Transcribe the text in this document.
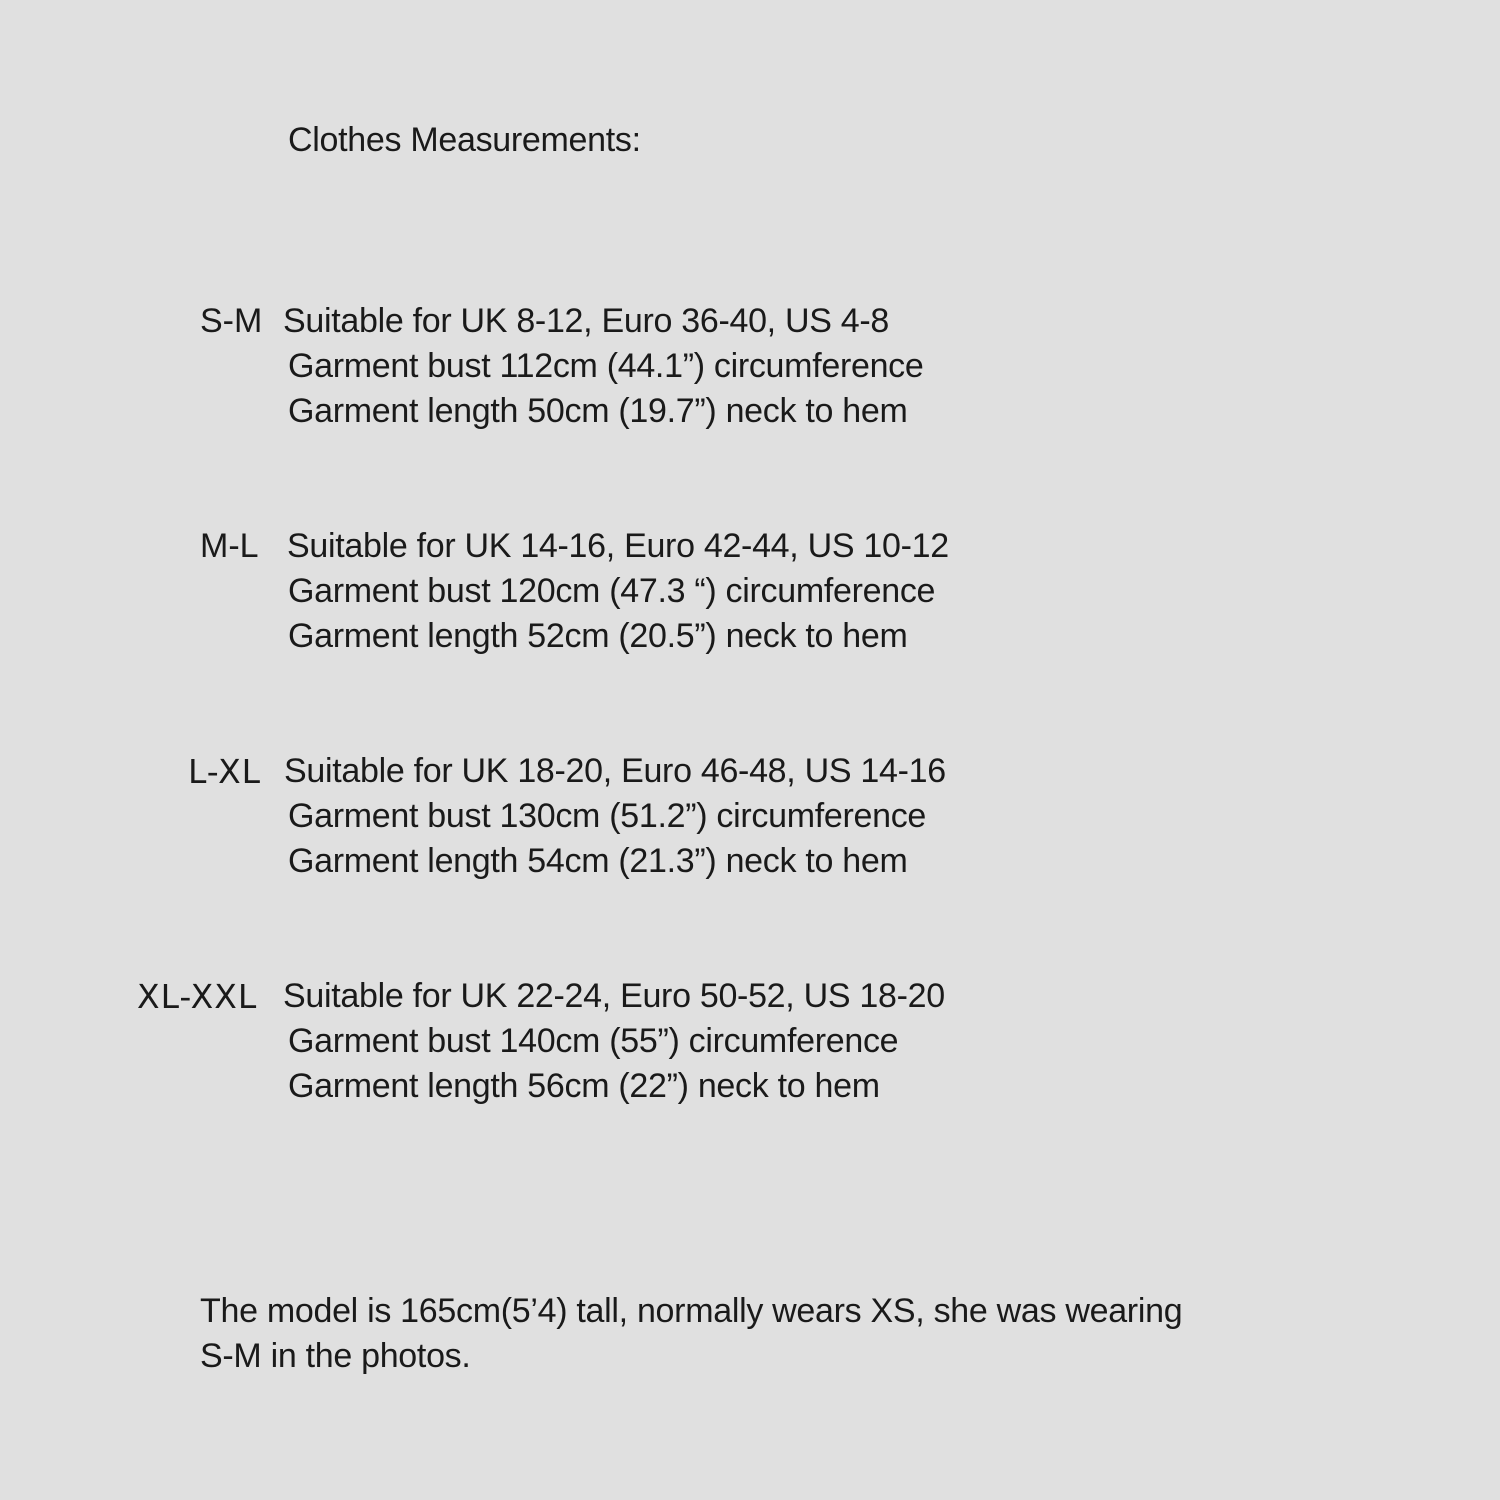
Clothes Measurements:
S-M Suitable for UK 8-12, Euro 36-40, US 4-8
Garment bust 112cm (44.1”) circumference
Garment length 50cm (19.7”) neck to hem
M-L Suitable for UK 14-16, Euro 42-44, US 10-12
Garment bust 120cm (47.3 “) circumference
Garment length 52cm (20.5”) neck to hem
L-XL Suitable for UK 18-20, Euro 46-48, US 14-16
Garment bust 130cm (51.2”) circumference
Garment length 54cm (21.3”) neck to hem
XL-XXL Suitable for UK 22-24, Euro 50-52, US 18-20
Garment bust 140cm (55”) circumference
Garment length 56cm (22”) neck to hem
The model is 165cm(5’4) tall, normally wears XS, she was wearing
S-M in the photos.
